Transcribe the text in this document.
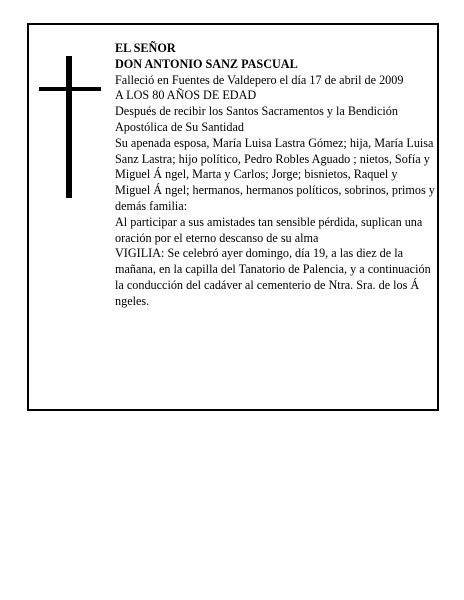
EL SEÑOR

DON ANTONIO SANZ PASCUAL

Falleció en Fuentes de Valdepero el día 17 de abril de 2009

A LOS 80 AÑOS DE EDAD

Después de recibir los Santos Sacramentos y la Bendición Apostólica de Su Santidad

Su apenada esposa, María Luisa Lastra Gómez; hija, María Luisa Sanz Lastra; hijo político, Pedro Robles Aguado ; nietos, Sofía y Miguel Á ngel, Marta y Carlos; Jorge; bisnietos, Raquel y Miguel Á ngel; hermanos, hermanos políticos, sobrinos, primos y demás familia:

Al participar a sus amistades tan sensible pérdida, suplican una oración por el eterno descanso de su alma

VIGILIA: Se celebró ayer domingo, día 19, a las diez de la mañana, en la capilla del Tanatorio de Palencia, y a continuación la conducción del cadáver al cementerio de Ntra. Sra. de los Á ngeles.
